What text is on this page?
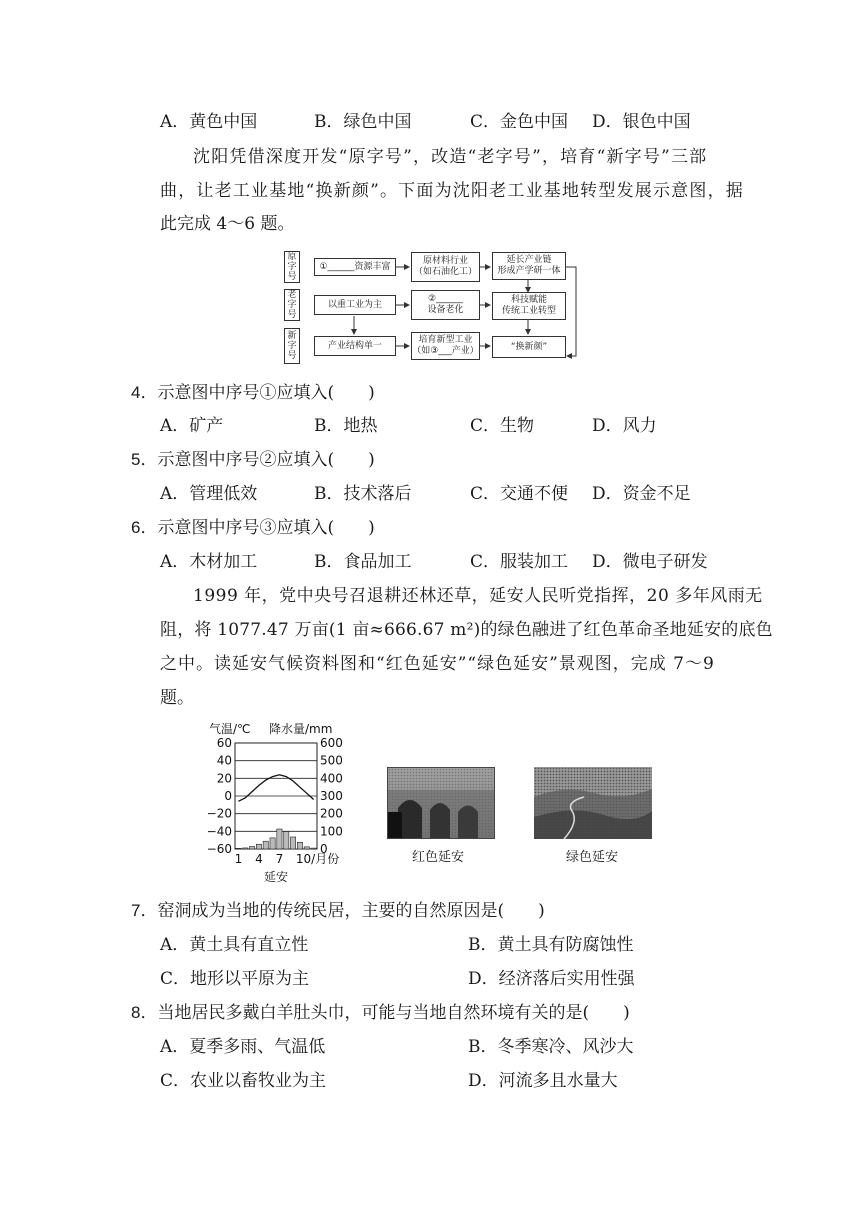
A．黄色中国	B．绿色中国	C．金色中国 D．银色中国
沈阳凭借深度开发“原字号”，改造“老字号”，培育“新字号”三部
曲，让老工业基地“换新颜”。下面为沈阳老工业基地转型发展示意图，据
此完成 4～6 题。
原字号
老字号
新字号
①______资源丰富
原材料行业
（如石油化工）
延长产业链
形成产学研一体
以重工业为主
②______
设备老化
科技赋能
传统工业转型
产业结构单一
培育新型工业
（如③___产业）	“换新颜”
4．示意图中序号①应填入(　　)
A．矿产	B．地热	C．生物	D．风力
5．示意图中序号②应填入(　　)
A．管理低效	B．技术落后	C．交通不便 D．资金不足
6．示意图中序号③应填入(　　)
A．木材加工	B．食品加工	C．服装加工 D．微电子研发
1999 年，党中央号召退耕还林还草，延安人民听党指挥，20 多年风雨无
阻，将 1077.47 万亩(1 亩≈666.67 m²)的绿色融进了红色革命圣地延安的底色
之中。读延安气候资料图和“红色延安”“绿色延安”景观图，完成 7～9
题。
60
40
20
0
−20
−40
−60
600
500
400
300
200
100
0
气温/℃ 降水量/mm
1 4 7 10/月份
延安
红色延安	绿色延安
7．窑洞成为当地的传统民居，主要的自然原因是(　　)
A．黄土具有直立性	B．黄土具有防腐蚀性
C．地形以平原为主	D．经济落后实用性强
8．当地居民多戴白羊肚头巾，可能与当地自然环境有关的是(　　)
A．夏季多雨、气温低	B．冬季寒冷、风沙大
C．农业以畜牧业为主	D．河流多且水量大
